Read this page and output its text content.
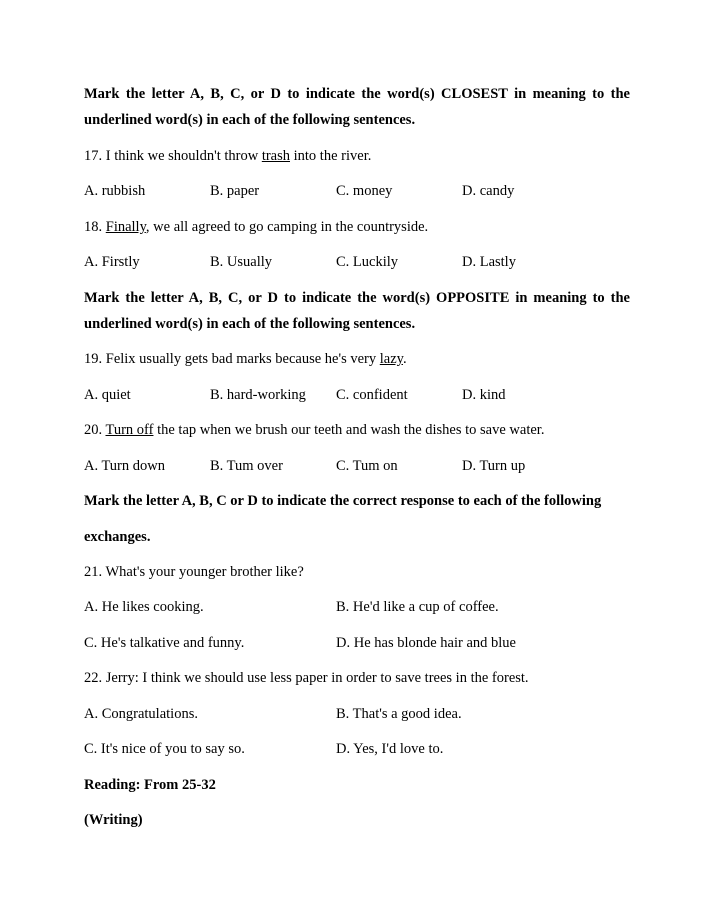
Mark the letter A, B, C, or D to indicate the word(s) CLOSEST in meaning to the
underlined word(s) in each of the following sentences.
17. I think we shouldn't throw trash into the river.
A. rubbish	B. paper	C. money	D. candy
18. Finally, we all agreed to go camping in the countryside.
A. Firstly	B. Usually	C. Luckily	D. Lastly
Mark the letter A, B, C, or D to indicate the word(s) OPPOSITE in meaning to the
underlined word(s) in each of the following sentences.
19. Felix usually gets bad marks because he's very lazy.
A. quiet	B. hard-working C. confident	D. kind
20. Turn off the tap when we brush our teeth and wash the dishes to save water.
A. Turn down	B. Tum over	C. Tum on	D. Turn up
Mark the letter A, B, C or D to indicate the correct response to each of the following
exchanges.
21. What's your younger brother like?
A. He likes cooking.	B. He'd like a cup of coffee.
C. He's talkative and funny.	D. He has blonde hair and blue
22. Jerry: I think we should use less paper in order to save trees in the forest.
A. Congratulations.	B. That's a good idea.
C. It's nice of you to say so.	D. Yes, I'd love to.
Reading: From 25-32
(Writing)
